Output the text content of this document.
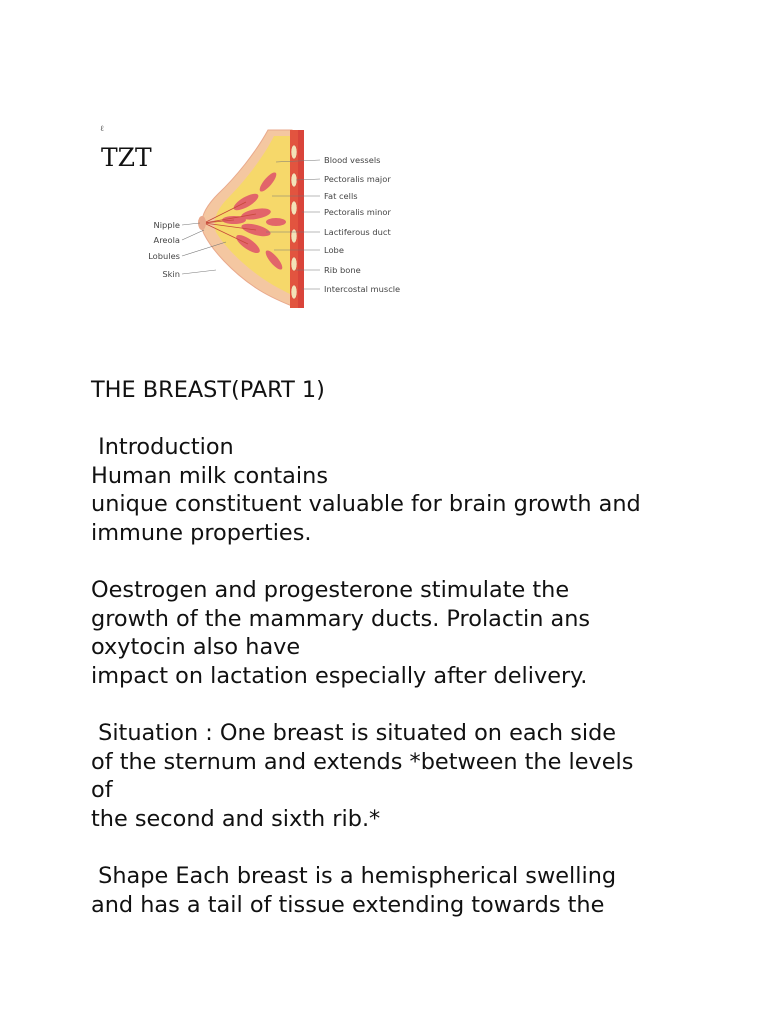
ℓ
TZT	Blood vessels
Pectoralis major
Fat cells
Pectoralis minor
Lactiferous duct
Lobe
Rib bone
Intercostal muscle
Nipple
Areola
Lobules
Skin

THE BREAST(PART 1)

Introduction

Human milk contains

unique constituent valuable for brain growth and

immune properties.

Oestrogen and progesterone stimulate the

growth of the mammary ducts. Prolactin ans

oxytocin also have

impact on lactation especially after delivery.

Situation : One breast is situated on each side

of the sternum and extends *between the levels

of

the second and sixth rib.*

Shape Each breast is a hemispherical swelling

and has a tail of tissue extending towards the
